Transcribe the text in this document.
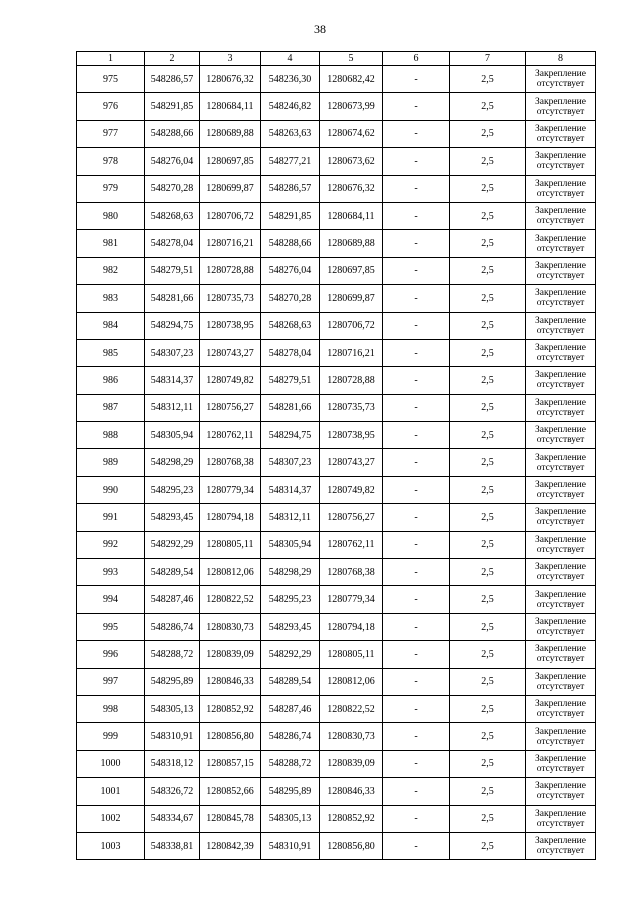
38
1	2	3	4	5	6	7	8
975	548286,57	1280676,32	548236,30	1280682,42	-	2,5	Закрепление отсутствует
976	548291,85	1280684,11	548246,82	1280673,99	-	2,5	Закрепление отсутствует
977	548288,66	1280689,88	548263,63	1280674,62	-	2,5	Закрепление отсутствует
978	548276,04	1280697,85	548277,21	1280673,62	-	2,5	Закрепление отсутствует
979	548270,28	1280699,87	548286,57	1280676,32	-	2,5	Закрепление отсутствует
980	548268,63	1280706,72	548291,85	1280684,11	-	2,5	Закрепление отсутствует
981	548278,04	1280716,21	548288,66	1280689,88	-	2,5	Закрепление отсутствует
982	548279,51	1280728,88	548276,04	1280697,85	-	2,5	Закрепление отсутствует
983	548281,66	1280735,73	548270,28	1280699,87	-	2,5	Закрепление отсутствует
984	548294,75	1280738,95	548268,63	1280706,72	-	2,5	Закрепление отсутствует
985	548307,23	1280743,27	548278,04	1280716,21	-	2,5	Закрепление отсутствует
986	548314,37	1280749,82	548279,51	1280728,88	-	2,5	Закрепление отсутствует
987	548312,11	1280756,27	548281,66	1280735,73	-	2,5	Закрепление отсутствует
988	548305,94	1280762,11	548294,75	1280738,95	-	2,5	Закрепление отсутствует
989	548298,29	1280768,38	548307,23	1280743,27	-	2,5	Закрепление отсутствует
990	548295,23	1280779,34	548314,37	1280749,82	-	2,5	Закрепление отсутствует
991	548293,45	1280794,18	548312,11	1280756,27	-	2,5	Закрепление отсутствует
992	548292,29	1280805,11	548305,94	1280762,11	-	2,5	Закрепление отсутствует
993	548289,54	1280812,06	548298,29	1280768,38	-	2,5	Закрепление отсутствует
994	548287,46	1280822,52	548295,23	1280779,34	-	2,5	Закрепление отсутствует
995	548286,74	1280830,73	548293,45	1280794,18	-	2,5	Закрепление отсутствует
996	548288,72	1280839,09	548292,29	1280805,11	-	2,5	Закрепление отсутствует
997	548295,89	1280846,33	548289,54	1280812,06	-	2,5	Закрепление отсутствует
998	548305,13	1280852,92	548287,46	1280822,52	-	2,5	Закрепление отсутствует
999	548310,91	1280856,80	548286,74	1280830,73	-	2,5	Закрепление отсутствует
1000	548318,12	1280857,15	548288,72	1280839,09	-	2,5	Закрепление отсутствует
1001	548326,72	1280852,66	548295,89	1280846,33	-	2,5	Закрепление отсутствует
1002	548334,67	1280845,78	548305,13	1280852,92	-	2,5	Закрепление отсутствует
1003	548338,81	1280842,39	548310,91	1280856,80	-	2,5	Закрепление отсутствует
